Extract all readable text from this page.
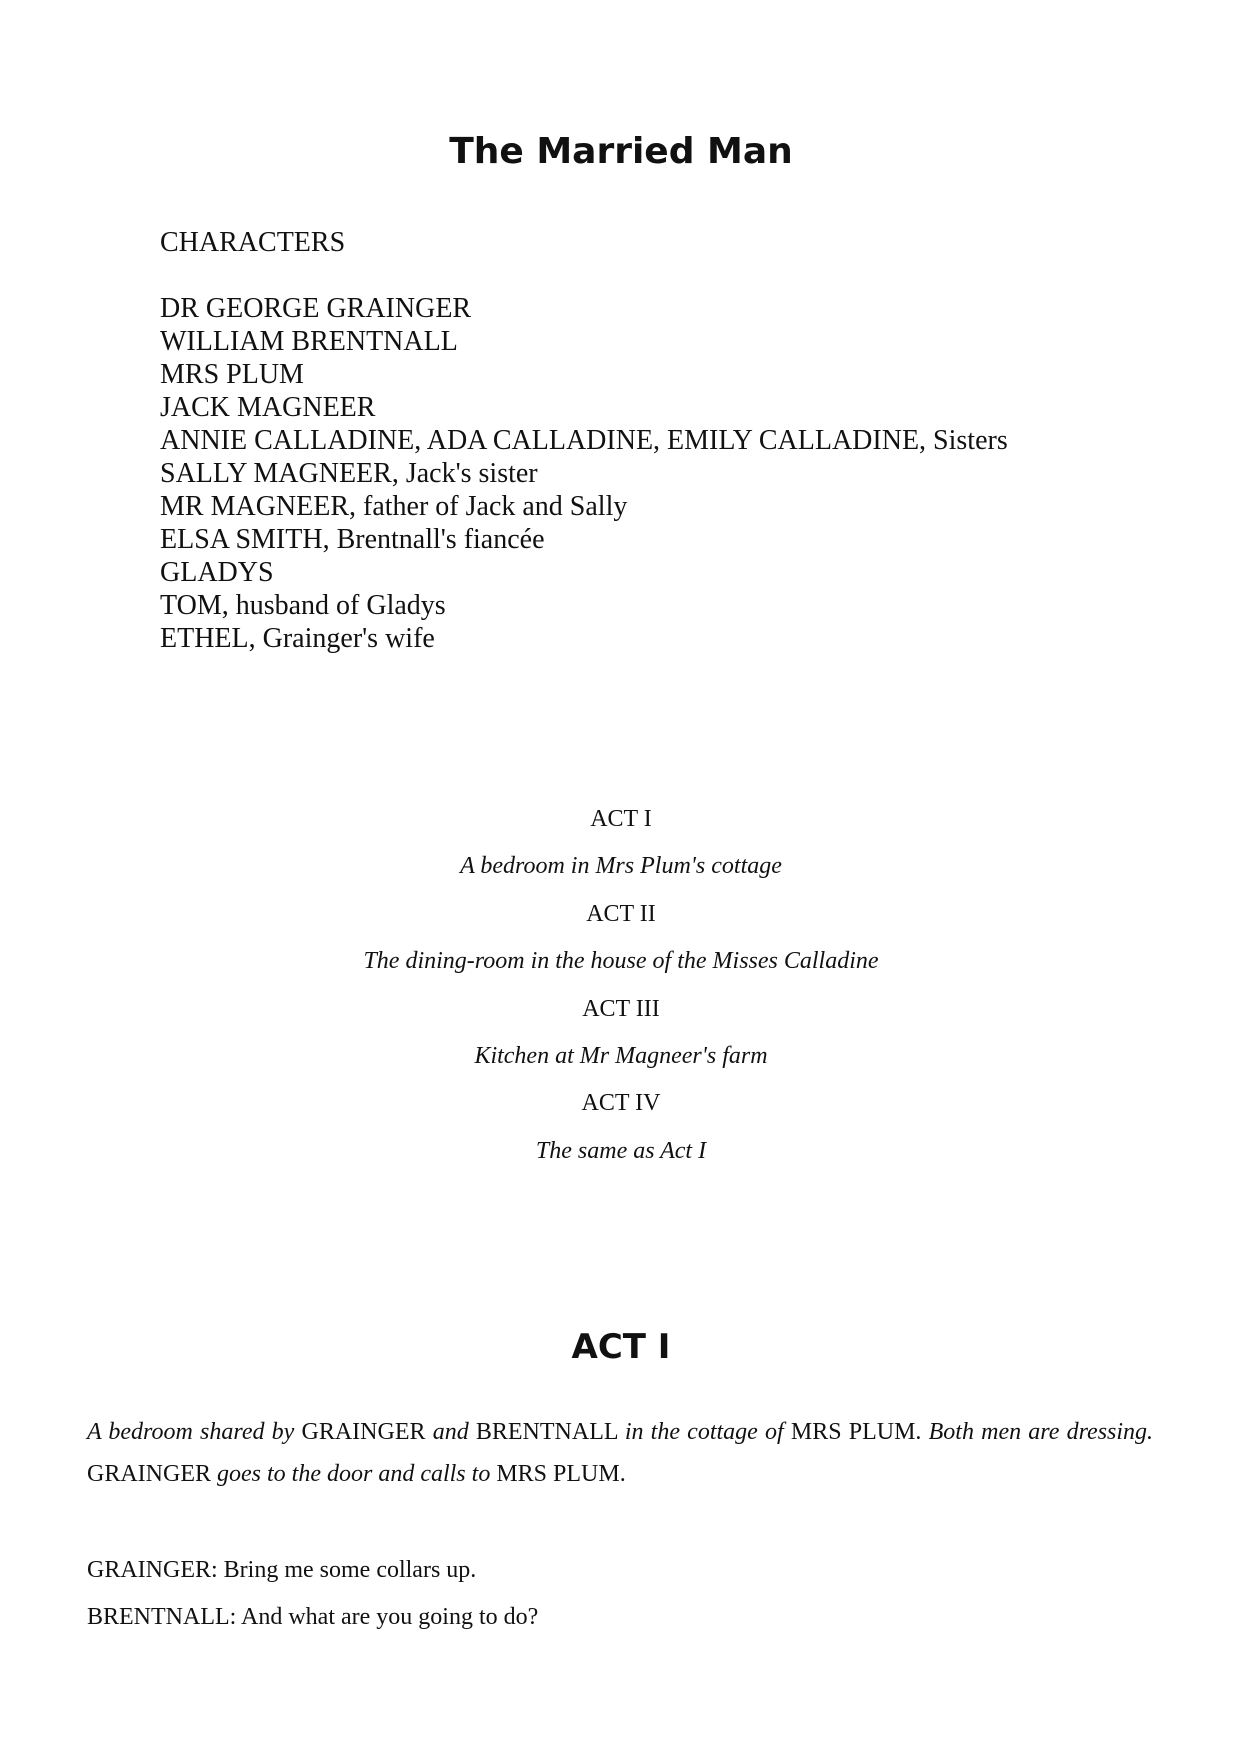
The Married Man

CHARACTERS

DR GEORGE GRAINGER
WILLIAM BRENTNALL
MRS PLUM
JACK MAGNEER
ANNIE CALLADINE, ADA CALLADINE, EMILY CALLADINE, Sisters
SALLY MAGNEER, Jack's sister
MR MAGNEER, father of Jack and Sally
ELSA SMITH, Brentnall's fiancée
GLADYS
TOM, husband of Gladys
ETHEL, Grainger's wife
ACT I
A bedroom in Mrs Plum's cottage
ACT II
The dining-room in the house of the Misses Calladine
ACT III
Kitchen at Mr Magneer's farm
ACT IV
The same as Act I
ACT I

A bedroom shared by GRAINGER and BRENTNALL in the cottage of MRS PLUM. Both men are dressing. GRAINGER goes to the door and calls to MRS PLUM.

GRAINGER: Bring me some collars up.

BRENTNALL: And what are you going to do?
